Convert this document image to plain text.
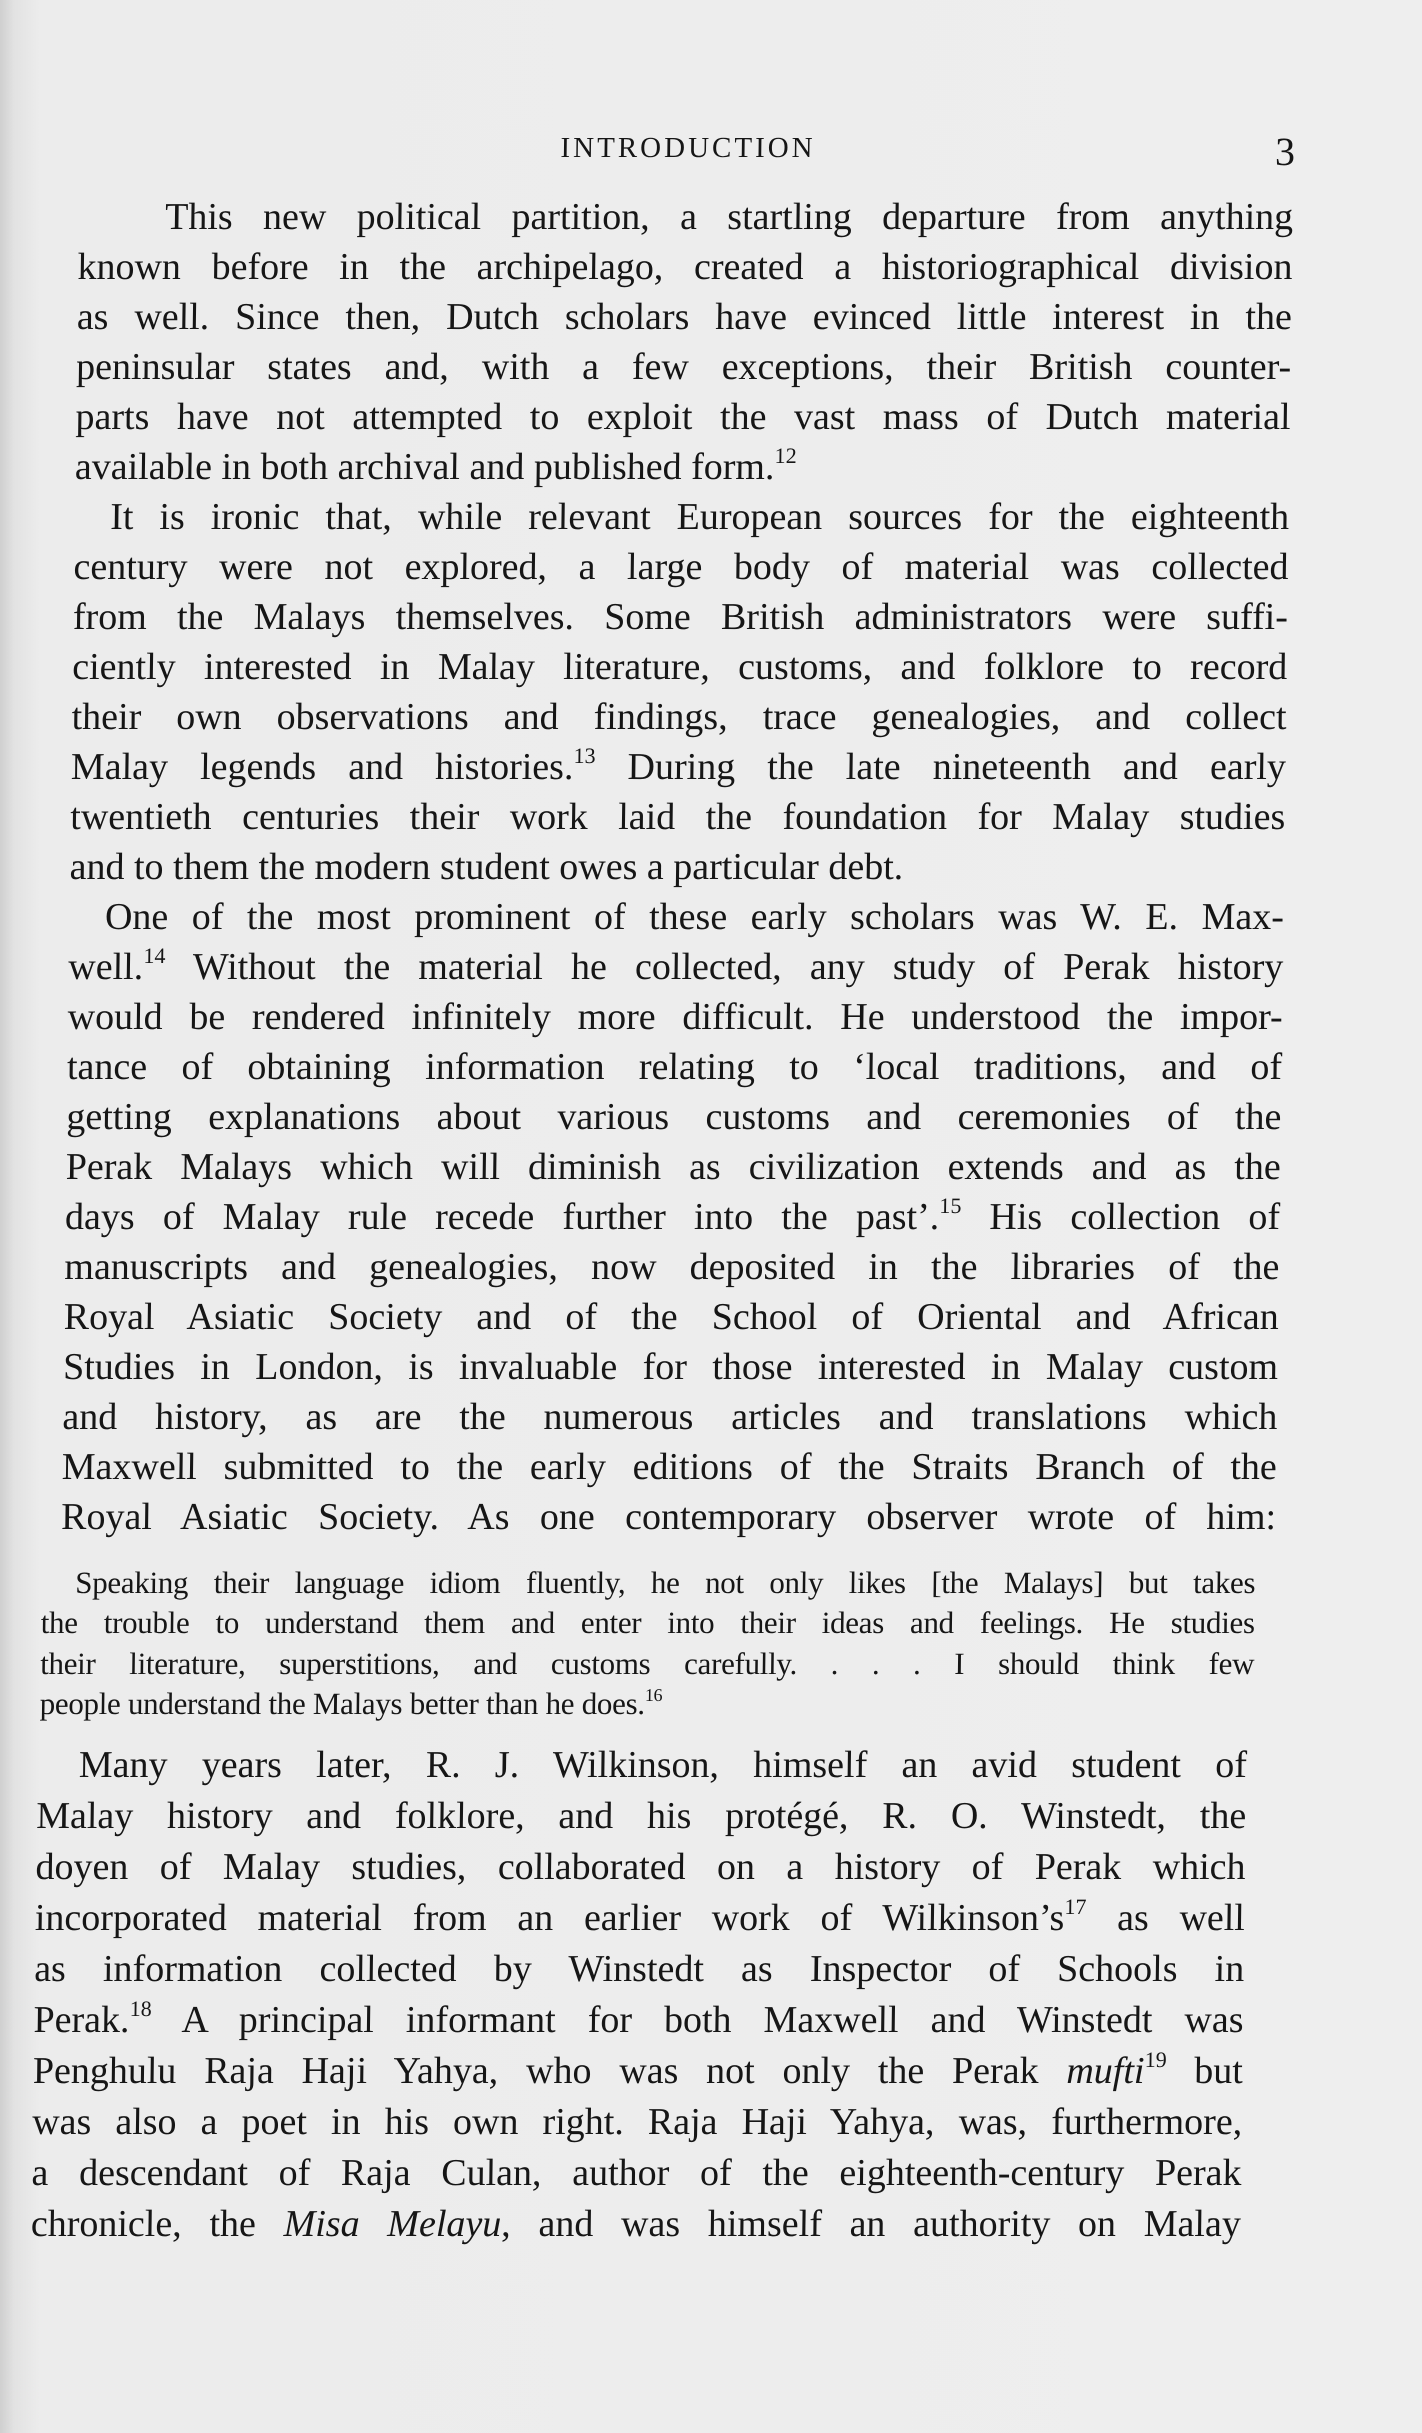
INTRODUCTION	3
This new political partition, a startling departure from anything
known before in the archipelago, created a historiographical division
as well. Since then, Dutch scholars have evinced little interest in the
peninsular states and, with a few exceptions, their British counter-
parts have not attempted to exploit the vast mass of Dutch material
available in both archival and published form.$^{12}$
It is ironic that, while relevant European sources for the eighteenth
century were not explored, a large body of material was collected
from the Malays themselves. Some British administrators were suffi-
ciently interested in Malay literature, customs, and folklore to record
their own observations and findings, trace genealogies, and collect
Malay legends and histories.$^{13}$ During the late nineteenth and early
twentieth centuries their work laid the foundation for Malay studies
and to them the modern student owes a particular debt.
One of the most prominent of these early scholars was W. E. Max-
well.$^{14}$ Without the material he collected, any study of Perak history
would be rendered infinitely more difficult. He understood the impor-
tance of obtaining information relating to ‘local traditions, and of
getting explanations about various customs and ceremonies of the
Perak Malays which will diminish as civilization extends and as the
days of Malay rule recede further into the past’.$^{15}$ His collection of
manuscripts and genealogies, now deposited in the libraries of the
Royal Asiatic Society and of the School of Oriental and African
Studies in London, is invaluable for those interested in Malay custom
and history, as are the numerous articles and translations which
Maxwell submitted to the early editions of the Straits Branch of the
Royal Asiatic Society. As one contemporary observer wrote of him:
Speaking their language idiom fluently, he not only likes [the Malays] but takes
the trouble to understand them and enter into their ideas and feelings. He studies
their literature, superstitions, and customs carefully. . . . I should think few
people understand the Malays better than he does.$^{16}$
Many years later, R. J. Wilkinson, himself an avid student of
Malay history and folklore, and his protégé, R. O. Winstedt, the
doyen of Malay studies, collaborated on a history of Perak which
incorporated material from an earlier work of $Wilkinson’s^{17}$ as well
as information collected by Winstedt as Inspector of Schools in
Perak.$^{18}$ A principal informant for both Maxwell and Winstedt was
Penghulu Raja Haji Yahya, who was not only the Perak mufti$^{19}$ but
was also a poet in his own right. Raja Haji Yahya, was, furthermore,
a descendant of Raja Culan, author of the eighteenth-century Perak
chronicle, the Misa Melayu, and was himself an authority on Malay
